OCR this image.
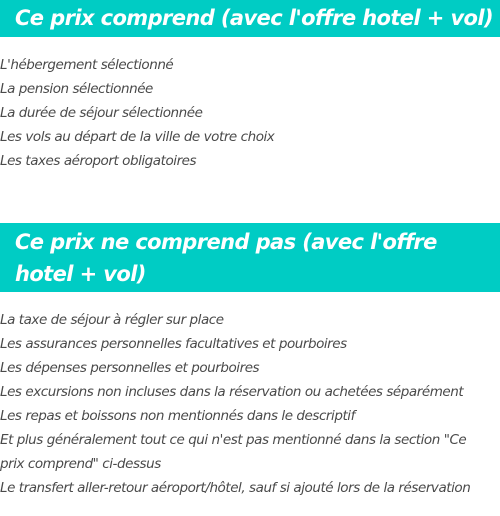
Ce prix comprend (avec l'offre hotel + vol)
L'hébergement sélectionné
La pension sélectionnée
La durée de séjour sélectionnée
Les vols au départ de la ville de votre choix
Les taxes aéroport obligatoires
Ce prix ne comprend pas (avec l'offre hotel + vol)
La taxe de séjour à régler sur place
Les assurances personnelles facultatives et pourboires
Les dépenses personnelles et pourboires
Les excursions non incluses dans la réservation ou achetées séparément
Les repas et boissons non mentionnés dans le descriptif
Et plus généralement tout ce qui n'est pas mentionné dans la section "Ce prix comprend" ci-dessus
Le transfert aller-retour aéroport/hôtel, sauf si ajouté lors de la réservation
